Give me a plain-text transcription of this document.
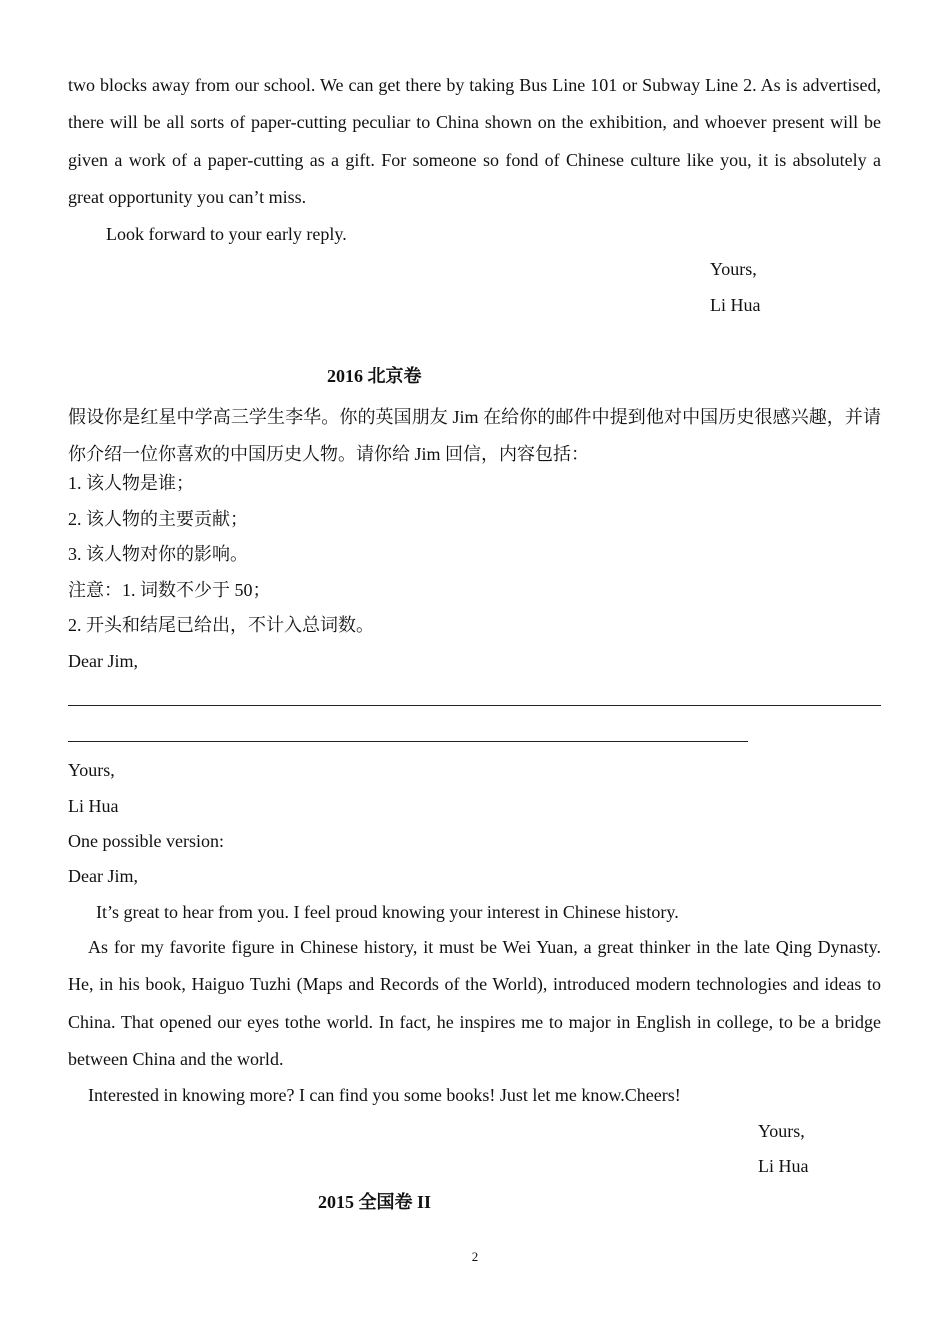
two blocks away from our school. We can get there by taking Bus Line 101 or Subway Line 2. As is advertised, there will be all sorts of paper-cutting peculiar to China shown on the exhibition, and whoever present will be given a work of a paper-cutting as a gift. For someone so fond of Chinese culture like you, it is absolutely a great opportunity you can’t miss.
Look forward to your early reply.
Yours,
Li Hua
2016 北京卷
假设你是红星中学高三学生李华。你的英国朋友 Jim 在给你的邮件中提到他对中国历史很感兴趣，并请你介绍一位你喜欢的中国历史人物。请你给 Jim 回信，内容包括：
1. 该人物是谁；
2. 该人物的主要贡献；
3. 该人物对你的影响。
注意：1. 词数不少于 50；
2. 开头和结尾已给出，不计入总词数。
Dear Jim,
Yours,
Li Hua
One possible version:
Dear Jim,
It’s great to hear from you. I feel proud knowing your interest in Chinese history.
As for my favorite figure in Chinese history, it must be Wei Yuan, a great thinker in the late Qing Dynasty. He, in his book, Haiguo Tuzhi (Maps and Records of the World), introduced modern technologies and ideas to China. That opened our eyes tothe world. In fact, he inspires me to major in English in college, to be a bridge between China and the world.
Interested in knowing more? I can find you some books! Just let me know.Cheers!
Yours,
Li Hua
2015 全国卷 II
2
